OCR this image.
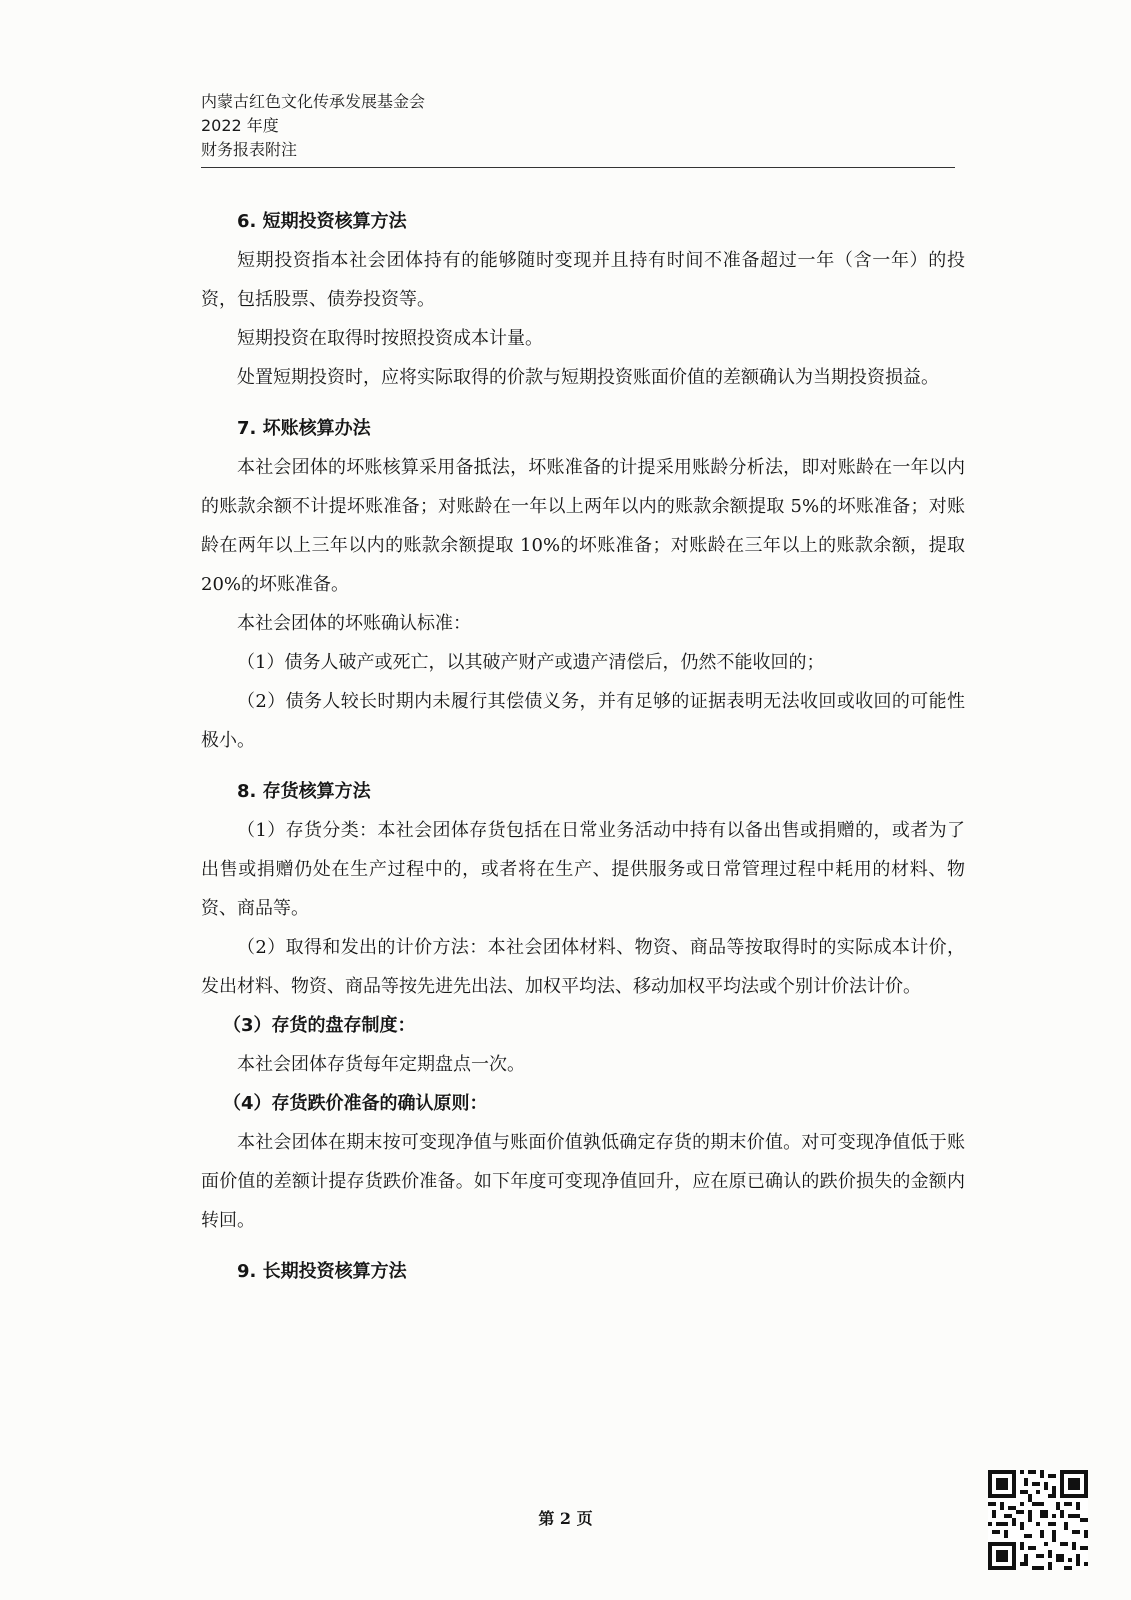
内蒙古红色文化传承发展基金会
2022 年度
财务报表附注

6. 短期投资核算方法

短期投资指本社会团体持有的能够随时变现并且持有时间不准备超过一年（含一年）的投资，包括股票、债券投资等。

短期投资在取得时按照投资成本计量。

处置短期投资时，应将实际取得的价款与短期投资账面价值的差额确认为当期投资损益。

7. 坏账核算办法

本社会团体的坏账核算采用备抵法，坏账准备的计提采用账龄分析法，即对账龄在一年以内的账款余额不计提坏账准备；对账龄在一年以上两年以内的账款余额提取 5%的坏账准备；对账龄在两年以上三年以内的账款余额提取 10%的坏账准备；对账龄在三年以上的账款余额，提取 20%的坏账准备。

本社会团体的坏账确认标准：

（1）债务人破产或死亡，以其破产财产或遗产清偿后，仍然不能收回的；

（2）债务人较长时期内未履行其偿债义务，并有足够的证据表明无法收回或收回的可能性极小。

8. 存货核算方法

（1）存货分类：本社会团体存货包括在日常业务活动中持有以备出售或捐赠的，或者为了出售或捐赠仍处在生产过程中的，或者将在生产、提供服务或日常管理过程中耗用的材料、物资、商品等。

（2）取得和发出的计价方法：本社会团体材料、物资、商品等按取得时的实际成本计价，发出材料、物资、商品等按先进先出法、加权平均法、移动加权平均法或个别计价法计价。

（3）存货的盘存制度：

本社会团体存货每年定期盘点一次。

（4）存货跌价准备的确认原则：

本社会团体在期末按可变现净值与账面价值孰低确定存货的期末价值。对可变现净值低于账面价值的差额计提存货跌价准备。如下年度可变现净值回升，应在原已确认的跌价损失的金额内转回。

9. 长期投资核算方法

第 2 页
